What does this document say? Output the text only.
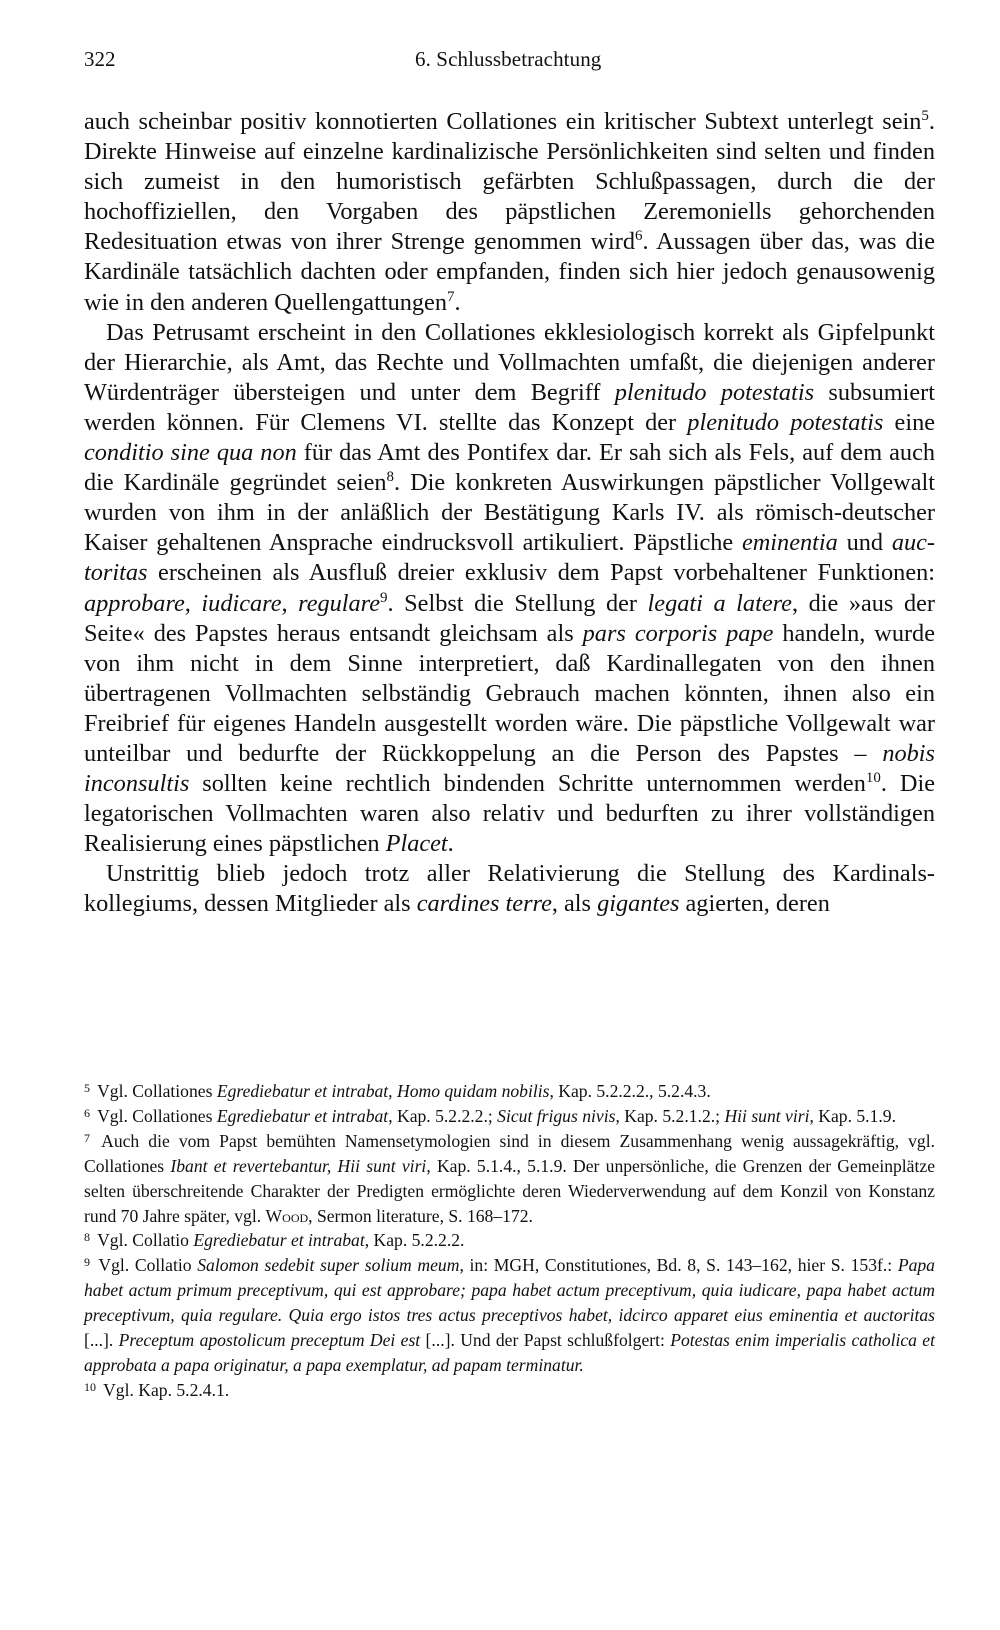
322	6. Schlussbetrachtung

auch scheinbar positiv konnotierten Collationes ein kritischer Subtext unterlegt sein$^5$. Direkte Hinweise auf einzelne kardinalizische Persönlichkeiten sind selten und finden sich zumeist in den humoristisch gefärbten Schlußpassagen, durch die der hochoffiziellen, den Vorgaben des päpstlichen Zeremoniells gehorchenden Redesituation etwas von ihrer Strenge genommen wird$^6$. Aussagen über das, was die Kardinäle tatsächlich dachten oder empfanden, finden sich hier jedoch genausowenig wie in den anderen Quellengattungen$^7$.

Das Petrusamt erscheint in den Collationes ekklesiologisch korrekt als Gipfelpunkt der Hierarchie, als Amt, das Rechte und Vollmachten umfaßt, die diejenigen anderer Würdenträger übersteigen und unter dem Begriff plenitudo potestatis subsumiert werden können. Für Clemens VI. stellte das Konzept der plenitudo potestatis eine conditio sine qua non für das Amt des Pontifex dar. Er sah sich als Fels, auf dem auch die Kardinäle gegründet seien$^8$. Die konkreten Auswirkungen päpstlicher Vollgewalt wurden von ihm in der anläßlich der Bestätigung Karls IV. als römisch-deutscher Kaiser gehaltenen Ansprache eindrucksvoll artikuliert. Päpstliche eminentia und auctoritas erscheinen als Ausfluß dreier exklusiv dem Papst vorbehaltener Funktionen: approbare, iudicare, regulare$^9$. Selbst die Stellung der legati a latere, die »aus der Seite« des Papstes heraus entsandt gleichsam als pars corporis pape handeln, wurde von ihm nicht in dem Sinne interpretiert, daß Kardinallegaten von den ihnen übertragenen Vollmachten selbständig Gebrauch machen könnten, ihnen also ein Freibrief für eigenes Handeln ausgestellt worden wäre. Die päpstliche Vollgewalt war unteilbar und bedurfte der Rückkoppelung an die Person des Papstes – nobis inconsultis sollten keine rechtlich bindenden Schritte unternommen werden$^{10}$. Die legatorischen Vollmachten waren also relativ und bedurften zu ihrer vollständigen Realisierung eines päpstlichen Placet.

Unstrittig blieb jedoch trotz aller Relativierung die Stellung des Kardinalskollegiums, dessen Mitglieder als cardines terre, als gigantes agierten, deren

$^5$ Vgl. Collationes Egrediebatur et intrabat, Homo quidam nobilis, Kap. 5.2.2.2., 5.2.4.3.

$^6$ Vgl. Collationes Egrediebatur et intrabat, Kap. 5.2.2.2.; Sicut frigus nivis, Kap. 5.2.1.2.; Hii sunt viri, Kap. 5.1.9.

$^7$ Auch die vom Papst bemühten Namensetymologien sind in diesem Zusammenhang wenig aussagekräftig, vgl. Collationes Ibant et revertebantur, Hii sunt viri, Kap. 5.1.4., 5.1.9. Der unpersönliche, die Grenzen der Gemeinplätze selten überschreitende Charakter der Predigten ermöglichte deren Wiederverwendung auf dem Konzil von Konstanz rund 70 Jahre später, vgl. Wood, Sermon literature, S. 168–172.

$^8$ Vgl. Collatio Egrediebatur et intrabat, Kap. 5.2.2.2.

$^9$ Vgl. Collatio Salomon sedebit super solium meum, in: MGH, Constitutiones, Bd. 8, S. 143–162, hier S. 153f.: Papa habet actum primum preceptivum, qui est approbare; papa habet actum preceptivum, quia iudicare, papa habet actum preceptivum, quia regulare. Quia ergo istos tres actus preceptivos habet, idcirco apparet eius eminentia et auctoritas [...]. Preceptum apostolicum preceptum Dei est [...]. Und der Papst schlußfolgert: Potestas enim imperialis catholica et approbata a papa originatur, a papa exemplatur, ad papam terminatur.

$^{10}$ Vgl. Kap. 5.2.4.1.
